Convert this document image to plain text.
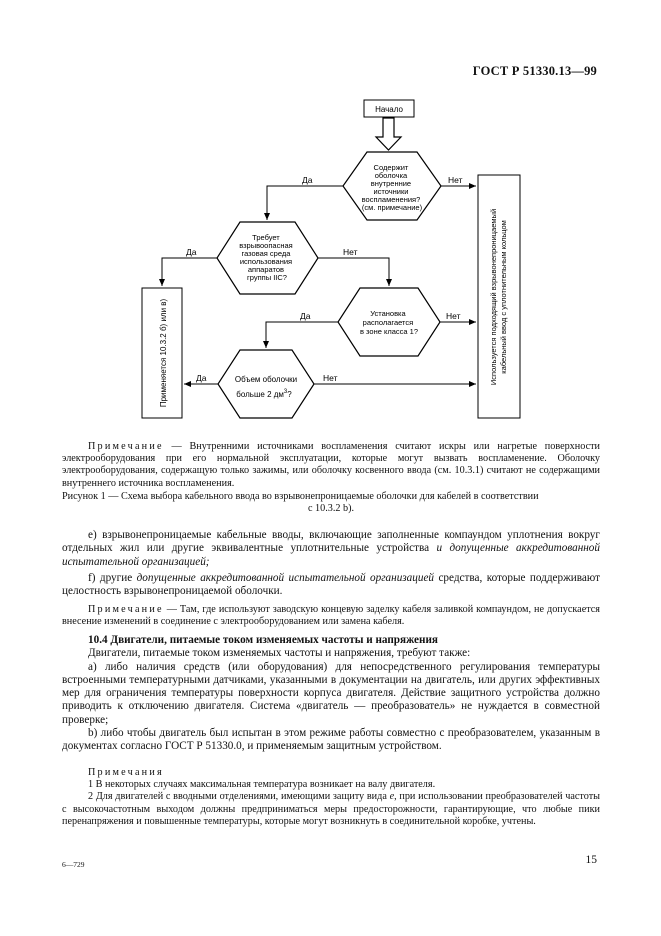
ГОСТ Р 51330.13—99
Начало
Содержит оболочка внутренние источники воспламенения? (см. примечание)
Требует взрывоопасная газовая среда использования аппаратов группы IIС?
Установка располагается в зоне класса 1?
Объем оболочки
больше 2 $дм^3$?
Применяется 10.3.2 б) или в)	Используется подходящий взрывонепроницаемый кабельный ввод с уплотнительным кольцом
Да	Нет
Да	Нет
Да	Нет
Да	Нет

Примечание — Внутренними источниками воспламенения считают искры или нагретые поверхности электрооборудования при его нормальной эксплуатации, которые могут вызвать воспламенение. Оболочку электрооборудования, содержащую только зажимы, или оболочку косвенного ввода (см. 10.3.1) считают не содержащими внутреннего источника воспламенения.

Рисунок 1 — Схема выбора кабельного ввода во взрывонепроницаемые оболочки для кабелей в соответствии

с 10.3.2 b).

e) взрывонепроницаемые кабельные вводы, включающие заполненные компаундом уплотнения вокруг отдельных жил или другие эквивалентные уплотнительные устройства и допущенные аккредитованной испытательной организацией;

f) другие допущенные аккредитованной испытательной организацией средства, которые поддерживают целостность взрывонепроницаемой оболочки.

Примечание — Там, где используют заводскую концевую заделку кабеля заливкой компаундом, не допускается внесение изменений в соединение с электрооборудованием или замена кабеля.

10.4 Двигатели, питаемые током изменяемых частоты и напряжения

Двигатели, питаемые током изменяемых частоты и напряжения, требуют также:

a) либо наличия средств (или оборудования) для непосредственного регулирования температуры встроенными температурными датчиками, указанными в документации на двигатель, или других эффективных мер для ограничения температуры поверхности корпуса двигателя. Действие защитного устройства должно приводить к отключению двигателя. Система «двигатель — преобразователь» не нуждается в совместной проверке;

b) либо чтобы двигатель был испытан в этом режиме работы совместно с преобразователем, указанным в документах согласно ГОСТ Р 51330.0, и применяемым защитным устройством.

Примечания

1 В некоторых случаях максимальная температура возникает на валу двигателя.

2 Для двигателей с вводными отделениями, имеющими защиту вида e, при использовании преобразователей частоты с высокочастотным выходом должны предприниматься меры предосторожности, гарантирующие, что любые пики перенапряжения и повышенные температуры, которые могут возникнуть в соединительной коробке, учтены.

6—729	15
